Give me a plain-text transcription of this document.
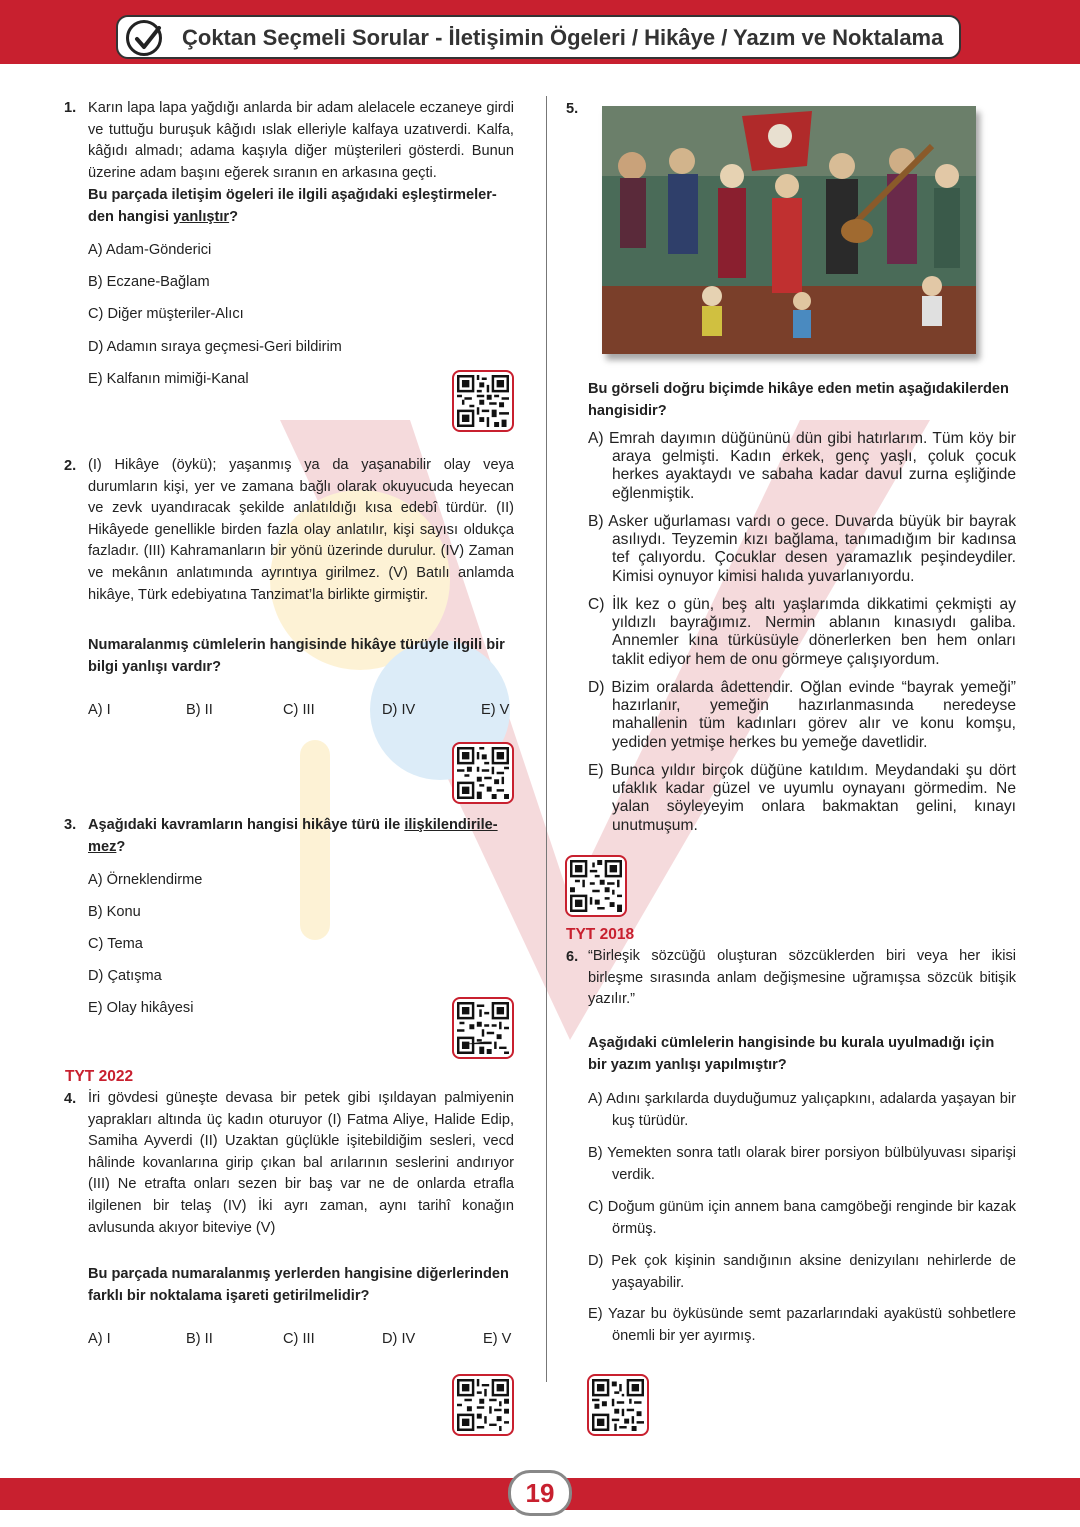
Çoktan Seçmeli Sorular - İletişimin Ögeleri / Hikâye / Yazım ve Noktalama
1. Karın lapa lapa yağdığı anlarda bir adam alelacele eczaneye girdi ve tuttuğu buruşuk kâğıdı ıslak elleriyle kalfaya uzatıverdi. Kalfa, kâğıdı almadı; adama kaşıyla diğer müşterileri gösterdi. Bunun üzerine adam başını eğerek sıranın en arkasına geçti.
Bu parçada iletişim ögeleri ile ilgili aşağıdaki eşleştirmeler-den hangisi yanlıştır?
A) Adam-Gönderici
B) Eczane-Bağlam
C) Diğer müşteriler-Alıcı
D) Adamın sıraya geçmesi-Geri bildirim
E) Kalfanın mimiği-Kanal
2. (I) Hikâye (öykü); yaşanmış ya da yaşanabilir olay veya durumların kişi, yer ve zamana bağlı olarak okuyucuda heyecan ve zevk uyandıracak şekilde anlatıldığı kısa edebî türdür. (II) Hikâyede genellikle birden fazla olay anlatılır, kişi sayısı oldukça fazladır. (III) Kahramanların bir yönü üzerinde durulur. (IV) Zaman ve mekânın anlatımında ayrıntıya girilmez. (V) Batılı anlamda hikâye, Türk edebiyatına Tanzimat’la birlikte girmiştir.
Numaralanmış cümlelerin hangisinde hikâye türüyle ilgili bir bilgi yanlışı vardır?
A) I	B) II	C) III	D) IV	E) V
3. Aşağıdaki kavramların hangisi hikâye türü ile ilişkilendirile-
mez?
A) Örneklendirme
B) Konu
C) Tema
D) Çatışma
E) Olay hikâyesi
TYT 2022
4. İri gövdesi güneşte devasa bir petek gibi ışıldayan palmiyenin yaprakları altında üç kadın oturuyor (I) Fatma Aliye, Halide Edip, Samiha Ayverdi (II) Uzaktan güçlükle işitebildiğim sesleri, vecd hâlinde kovanlarına girip çıkan bal arılarının seslerini andırıyor (III) Ne etrafta onları sezen bir baş var ne de onlarda etrafla ilgilenen bir telaş (IV) İki ayrı zaman, aynı tarihî konağın avlusunda akıyor biteviye (V)
Bu parçada numaralanmış yerlerden hangisine diğerlerinden farklı bir noktalama işareti getirilmelidir?
A) I	B) II	C) III	D) IV	E) V
5.
Bu görseli doğru biçimde hikâye eden metin aşağıdakilerden hangisidir?
A) Emrah dayımın düğününü dün gibi hatırlarım. Tüm köy bir araya gelmişti. Kadın erkek, genç yaşlı, çoluk çocuk herkes ayaktaydı ve sabaha kadar davul zurna eşliğinde eğlenmiştik.
B) Asker uğurlaması vardı o gece. Duvarda büyük bir bayrak asılıydı. Teyzemin kızı bağlama, tanımadığım bir kadınsa tef çalıyordu. Çocuklar desen yaramazlık peşindeydiler. Kimisi oynuyor kimisi halıda yuvarlanıyordu.
C) İlk kez o gün, beş altı yaşlarımda dikkatimi çekmişti ay yıldızlı bayrağımız. Nermin ablanın kınasıydı galiba. Annemler kına türküsüyle dönerlerken ben hem onları taklit ediyor hem de onu görmeye çalışıyordum.
D) Bizim oralarda âdettendir. Oğlan evinde “bayrak yemeği” hazırlanır, yemeğin hazırlanmasında neredeyse mahallenin tüm kadınları görev alır ve konu komşu, yediden yetmişe herkes bu yemeğe davetlidir.
E) Bunca yıldır birçok düğüne katıldım. Meydandaki şu dört ufaklık kadar güzel ve uyumlu oynayanı görmedim. Ne yalan söyleyeyim onlara bakmaktan gelini, kınayı unutmuşum.
TYT 2018
6. “Birleşik sözcüğü oluşturan sözcüklerden biri veya her ikisi birleşme sırasında anlam değişmesine uğramışsa sözcük bitişik yazılır.”
Aşağıdaki cümlelerin hangisinde bu kurala uyulmadığı için bir yazım yanlışı yapılmıştır?
A) Adını şarkılarda duyduğumuz yalıçapkını, adalarda yaşayan bir kuş türüdür.
B) Yemekten sonra tatlı olarak birer porsiyon bülbülyuvası siparişi verdik.
C) Doğum günüm için annem bana camgöbeği renginde bir kazak örmüş.
D) Pek çok kişinin sandığının aksine denizyılanı nehirlerde de yaşayabilir.
E) Yazar bu öyküsünde semt pazarlarındaki ayaküstü sohbetlere önemli bir yer ayırmış.
19
